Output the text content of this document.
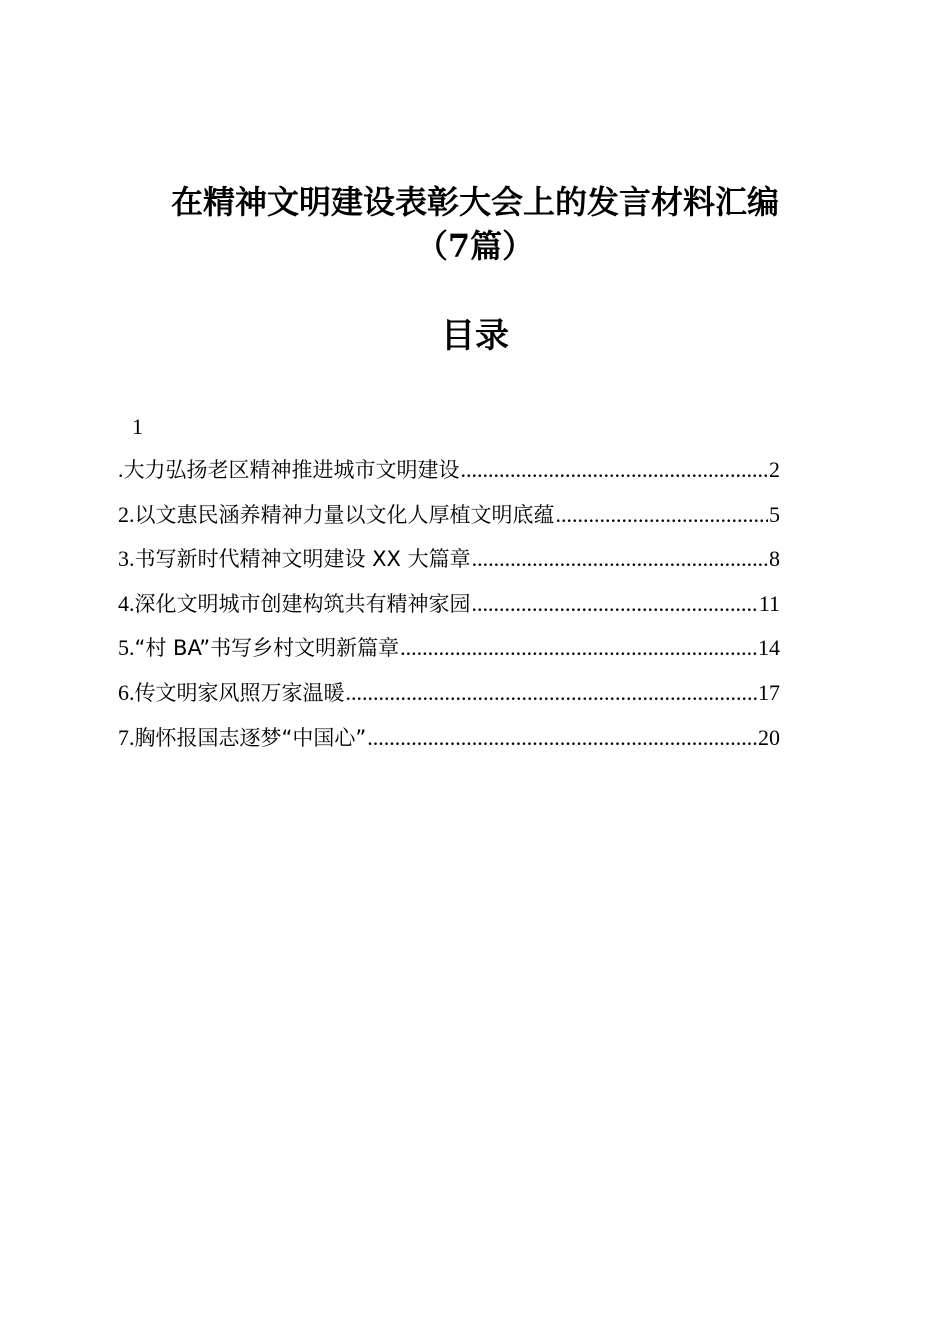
在精神文明建设表彰大会上的发言材料汇编
（7篇）
目录
1
. 大力弘扬老区精神推进城市文明建设 .....	2
2. 以文惠民涵养精神力量以文化人厚植文明底蕴 .....	5
3. 书写新时代精神文明建设 XX 大篇章 .....	8
4. 深化文明城市创建构筑共有精神家园 .....	11
5. “村 BA”书写乡村文明新篇章 .....	14
6. 传文明家风照万家温暖 .....	17
7. 胸怀报国志逐梦“中国心” .....	20
